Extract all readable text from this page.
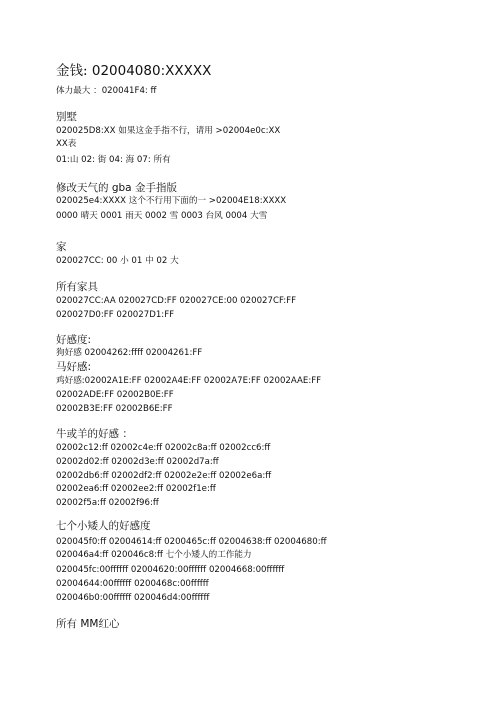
金钱: 02004080:XXXXX
体力最大 ：020041F4: ff
别墅
020025D8:XX 如果这金手指不行，请用 >02004e0c:XX
XX表
01:山 02: 街 04: 海 07: 所有
修改天气的 gba 金手指版
020025e4:XXXX 这个不行用下面的一 >02004E18:XXXX
0000 晴天 0001 雨天 0002 雪 0003 台风 0004 大雪
家
020027CC: 00 小 01 中 02 大
所有家具
020027CC:AA 020027CD:FF 020027CE:00 020027CF:FF
020027D0:FF 020027D1:FF
好感度:
狗好感 02004262:ffff 02004261:FF
马好感:
鸡好感:02002A1E:FF 02002A4E:FF 02002A7E:FF 02002AAE:FF
02002ADE:FF 02002B0E:FF
02002B3E:FF 02002B6E:FF
牛或羊的好感 ：
02002c12:ff 02002c4e:ff 02002c8a:ff 02002cc6:ff
02002d02:ff 02002d3e:ff 02002d7a:ff
02002db6:ff 02002df2:ff 02002e2e:ff 02002e6a:ff
02002ea6:ff 02002ee2:ff 02002f1e:ff
02002f5a:ff 02002f96:ff
七个小矮人的好感度
020045f0:ff 02004614:ff 0200465c:ff 02004638:ff 02004680:ff
020046a4:ff 020046c8:ff 七个小矮人的工作能力
020045fc:00ffffff 02004620:00ffffff 02004668:00ffffff
02004644:00ffffff 0200468c:00ffffff
020046b0:00ffffff 020046d4:00ffffff
所有 MM红心
